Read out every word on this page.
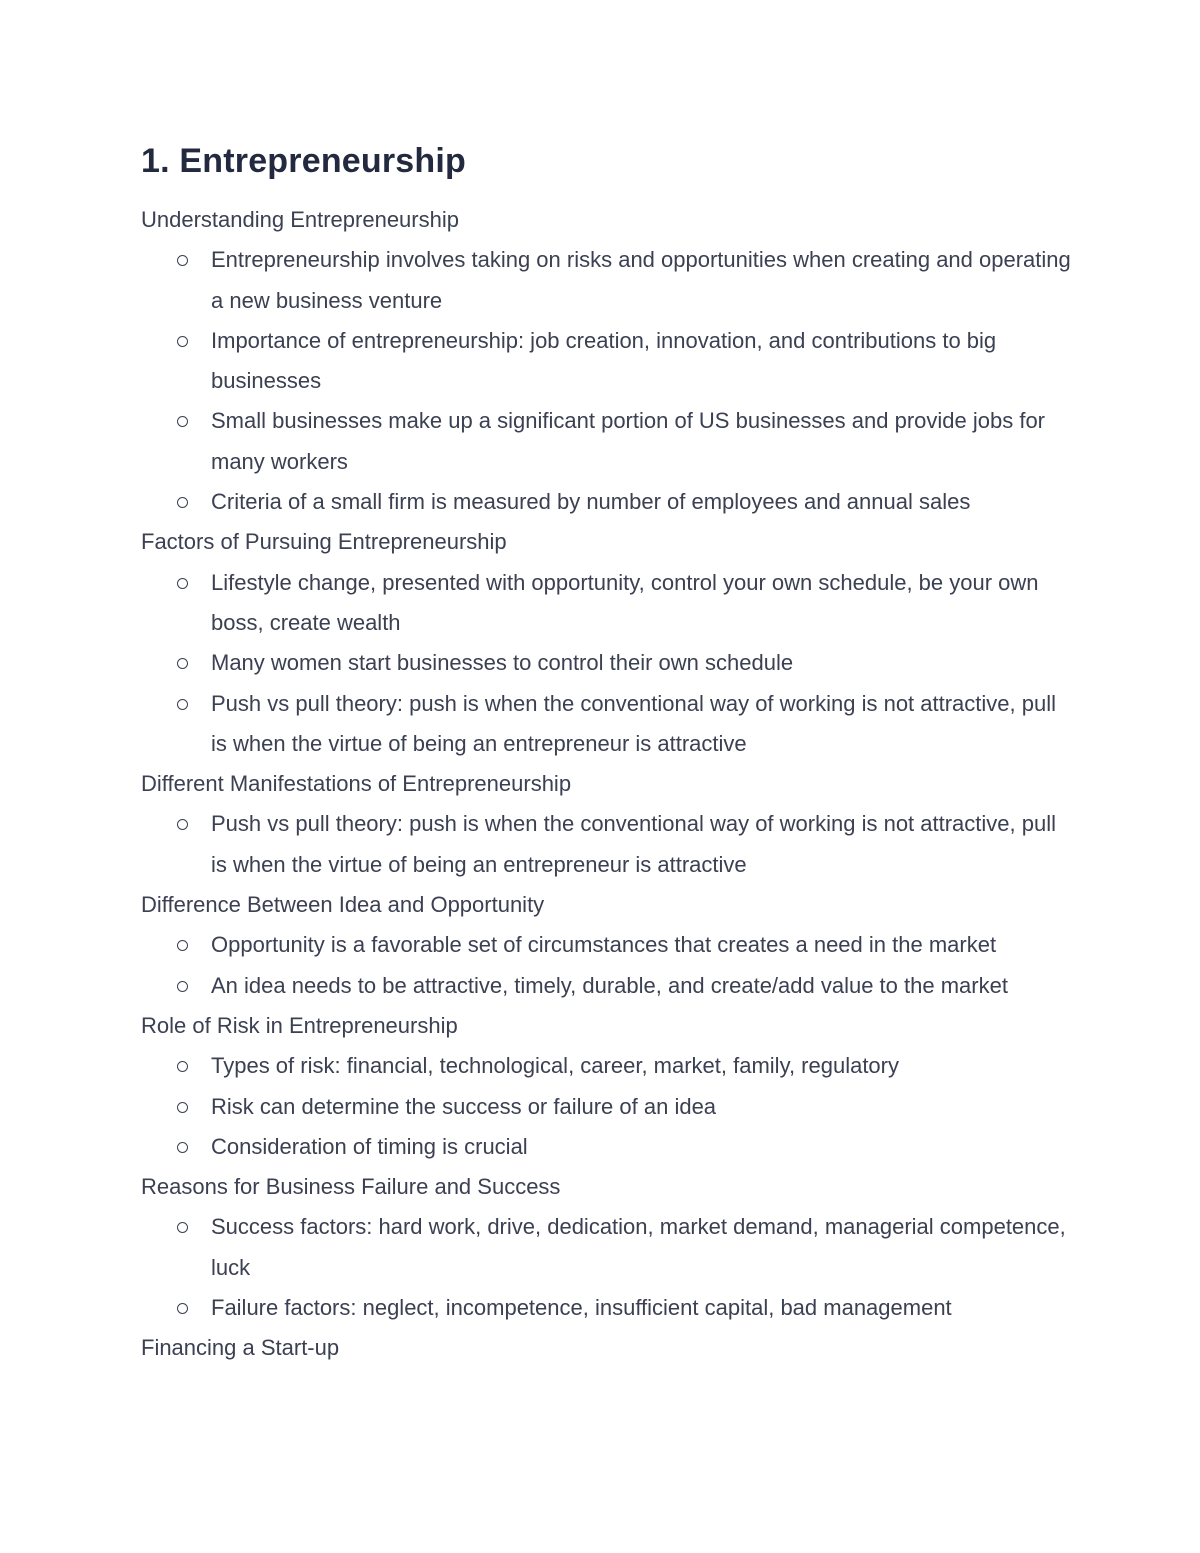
1. Entrepreneurship

Understanding Entrepreneurship

Entrepreneurship involves taking on risks and opportunities when creating and operating a new business venture
Importance of entrepreneurship: job creation, innovation, and contributions to big businesses
Small businesses make up a significant portion of US businesses and provide jobs for many workers
Criteria of a small firm is measured by number of employees and annual sales

Factors of Pursuing Entrepreneurship

Lifestyle change, presented with opportunity, control your own schedule, be your own boss, create wealth
Many women start businesses to control their own schedule
Push vs pull theory: push is when the conventional way of working is not attractive, pull is when the virtue of being an entrepreneur is attractive

Different Manifestations of Entrepreneurship

Push vs pull theory: push is when the conventional way of working is not attractive, pull is when the virtue of being an entrepreneur is attractive

Difference Between Idea and Opportunity

Opportunity is a favorable set of circumstances that creates a need in the market
An idea needs to be attractive, timely, durable, and create/add value to the market

Role of Risk in Entrepreneurship

Types of risk: financial, technological, career, market, family, regulatory
Risk can determine the success or failure of an idea
Consideration of timing is crucial

Reasons for Business Failure and Success

Success factors: hard work, drive, dedication, market demand, managerial competence, luck
Failure factors: neglect, incompetence, insufficient capital, bad management

Financing a Start-up
